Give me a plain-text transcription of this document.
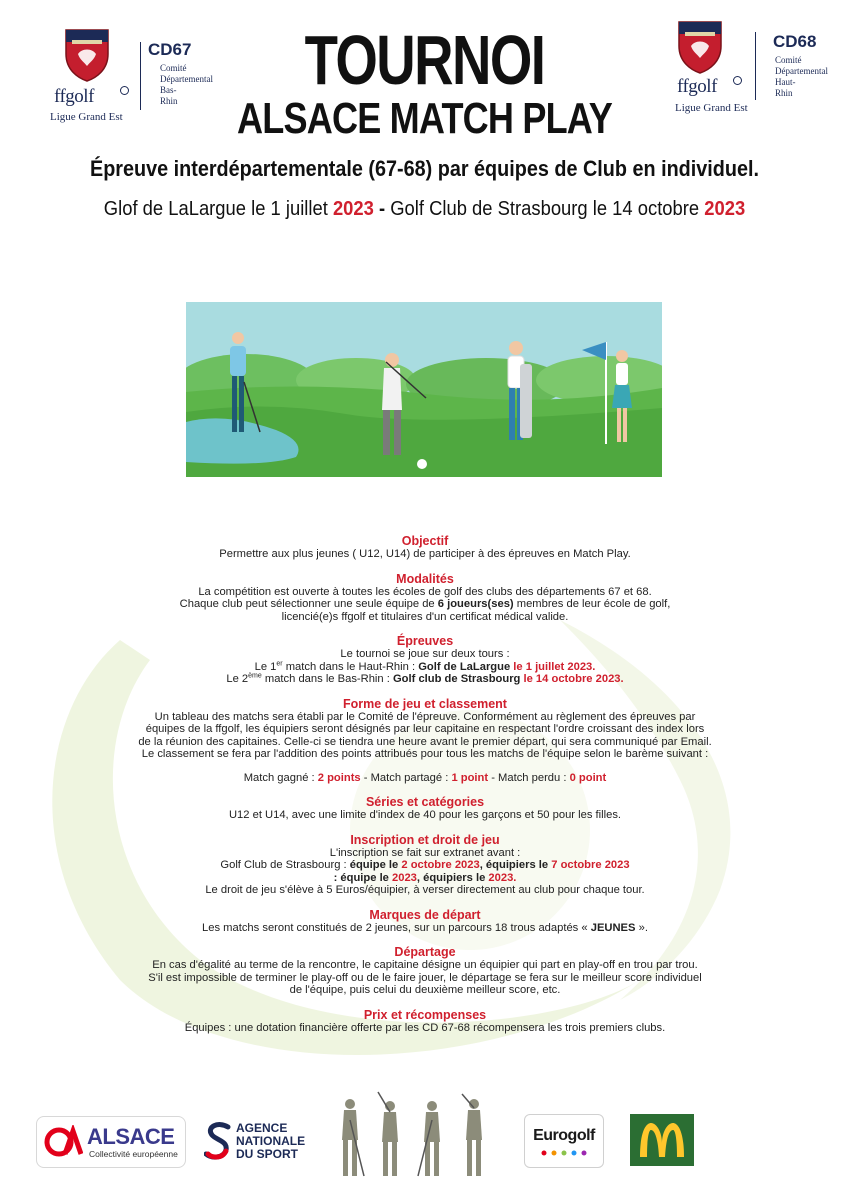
ffgolf
Ligue Grand Est
CD67
Comité
Départemental
Bas-Rhin
ffgolf
Ligue Grand Est
CD68
Comité
Départemental
Haut-Rhin
TOURNOI
ALSACE MATCH PLAY
Épreuve interdépartementale (67-68) par équipes de Club en individuel.
Glof de LaLargue le 1 juillet 2023 - Golf Club de Strasbourg le 14 octobre 2023
Objectif
Permettre aux plus jeunes ( U12, U14) de participer à des épreuves en Match Play.
Modalités
La compétition est ouverte à toutes les écoles de golf des clubs des départements 67 et 68.
Chaque club peut sélectionner une seule équipe de 6 joueurs(ses) membres de leur école de golf,
licencié(e)s ffgolf et titulaires d'un certificat médical valide.
Épreuves
Le tournoi se joue sur deux tours :
Le 1er match dans le Haut-Rhin : Golf de LaLargue le 1 juillet 2023.
Le 2ème match dans le Bas-Rhin : Golf club de Strasbourg le 14 octobre 2023.
Forme de jeu et classement
Un tableau des matchs sera établi par le Comité de l'épreuve. Conformément au règlement des épreuves par
équipes de la ffgolf, les équipiers seront désignés par leur capitaine en respectant l'ordre croissant des index lors
de la réunion des capitaines. Celle-ci se tiendra une heure avant le premier départ, qui sera communiqué par Email.
Le classement se fera par l'addition des points attribués pour tous les matchs de l'équipe selon le barème suivant :
Match gagné : 2 points - Match partagé : 1 point - Match perdu : 0 point
Séries et catégories
U12 et U14, avec une limite d'index de 40 pour les garçons et 50 pour les filles.
Inscription et droit de jeu
L'inscription se fait sur extranet avant :
Golf Club de Strasbourg : équipe le 2 octobre 2023, équipiers le 7 octobre 2023
: équipe le 2023, équipiers le 2023.
Le droit de jeu s'élève à 5 Euros/équipier, à verser directement au club pour chaque tour.
Marques de départ
Les matchs seront constitués de 2 jeunes, sur un parcours 18 trous adaptés « JEUNES ».
Départage
En cas d'égalité au terme de la rencontre, le capitaine désigne un équipier qui part en play-off en trou par trou.
S'il est impossible de terminer le play-off ou de le faire jouer, le départage se fera sur le meilleur score individuel
de l'équipe, puis celui du deuxième meilleur score, etc.
Prix et récompenses
Équipes : une dotation financière offerte par les CD 67-68 récompensera les trois premiers clubs.
ALSACE
Collectivité européenne
AGENCE
NATIONALE
DU SPORT
Eurogolf
